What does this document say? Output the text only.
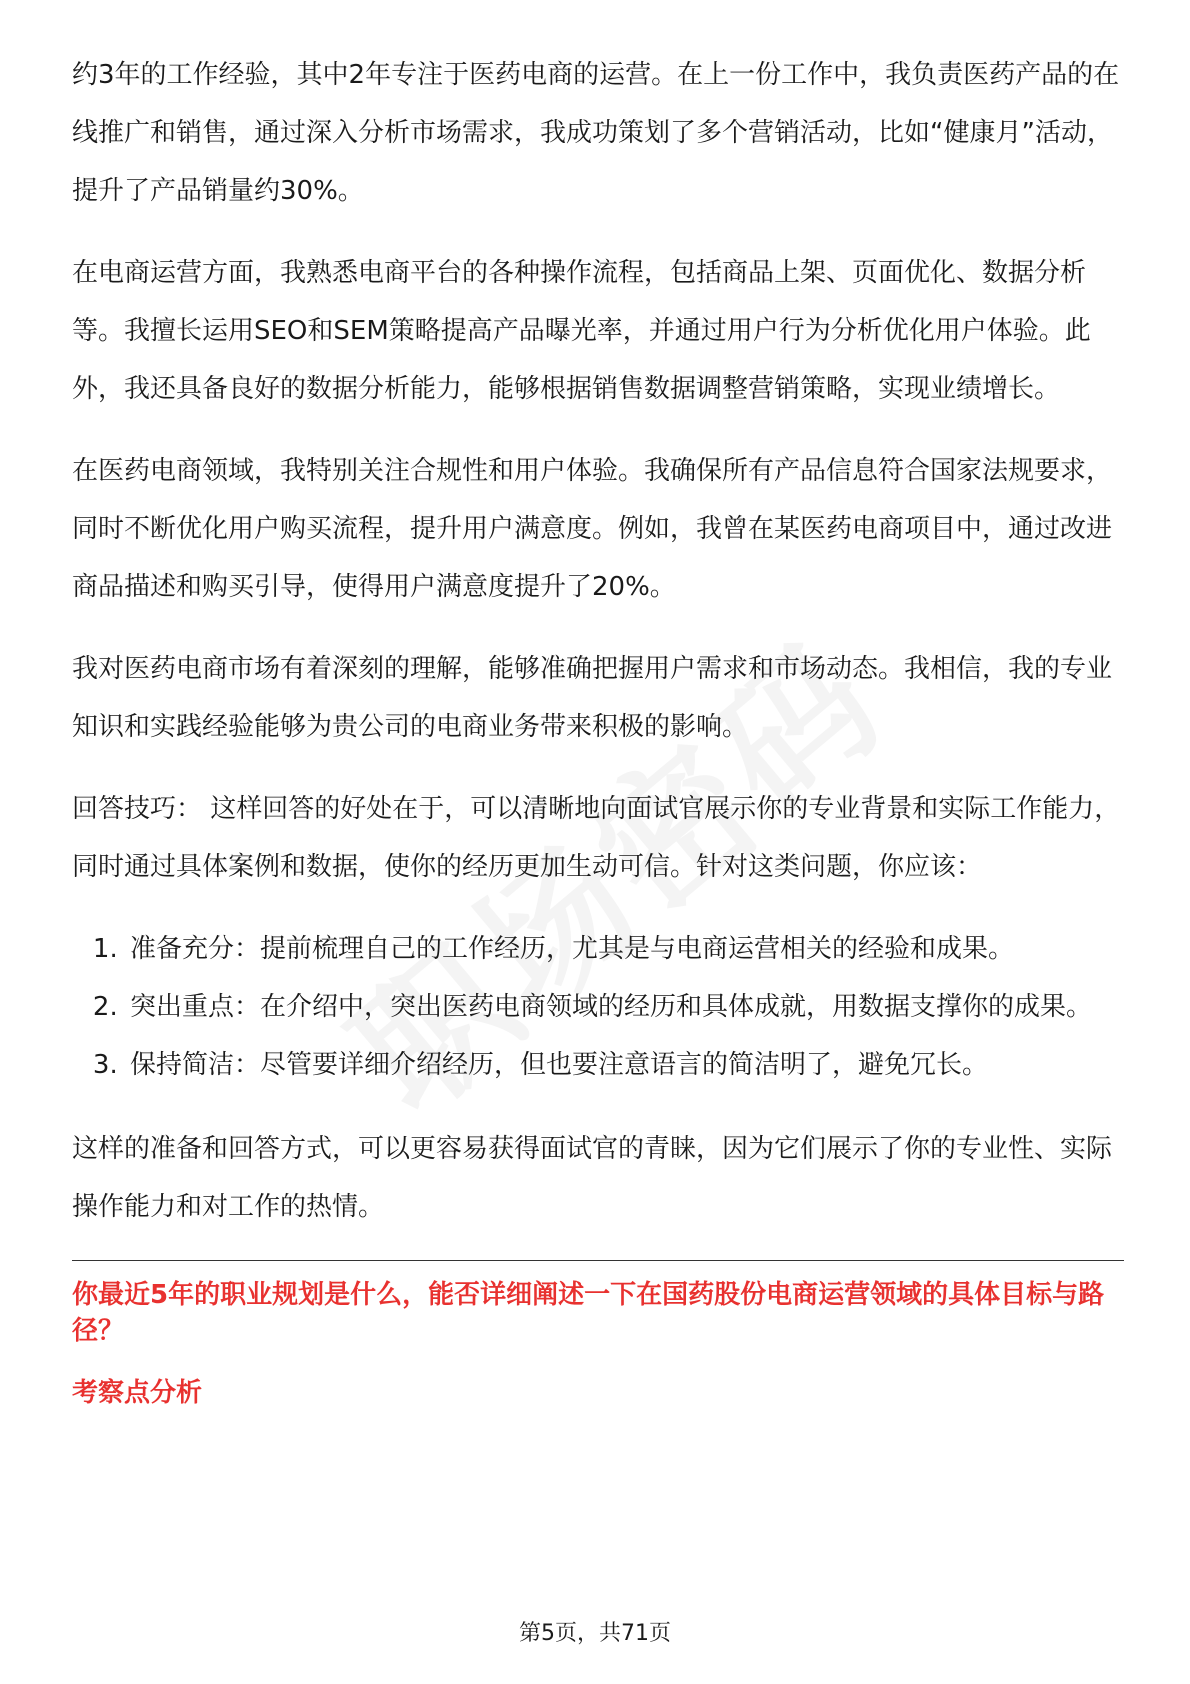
约3年的工作经验，其中2年专注于医药电商的运营。在上一份工作中，我负责医药产品的在线推广和销售，通过深入分析市场需求，我成功策划了多个营销活动，比如“健康月”活动，提升了产品销量约30%。

在电商运营方面，我熟悉电商平台的各种操作流程，包括商品上架、页面优化、数据分析等。我擅长运用SEO和SEM策略提高产品曝光率，并通过用户行为分析优化用户体验。此外，我还具备良好的数据分析能力，能够根据销售数据调整营销策略，实现业绩增长。

在医药电商领域，我特别关注合规性和用户体验。我确保所有产品信息符合国家法规要求，同时不断优化用户购买流程，提升用户满意度。例如，我曾在某医药电商项目中，通过改进商品描述和购买引导，使得用户满意度提升了20%。

我对医药电商市场有着深刻的理解，能够准确把握用户需求和市场动态。我相信，我的专业知识和实践经验能够为贵公司的电商业务带来积极的影响。

回答技巧： 这样回答的好处在于，可以清晰地向面试官展示你的专业背景和实际工作能力，同时通过具体案例和数据，使你的经历更加生动可信。针对这类问题，你应该：

1. 准备充分：提前梳理自己的工作经历，尤其是与电商运营相关的经验和成果。
2. 突出重点：在介绍中，突出医药电商领域的经历和具体成就，用数据支撑你的成果。
3. 保持简洁：尽管要详细介绍经历，但也要注意语言的简洁明了，避免冗长。

这样的准备和回答方式，可以更容易获得面试官的青睐，因为它们展示了你的专业性、实际操作能力和对工作的热情。

你最近5年的职业规划是什么，能否详细阐述一下在国药股份电商运营领域的具体目标与路径？

考察点分析

第5页，共71页
